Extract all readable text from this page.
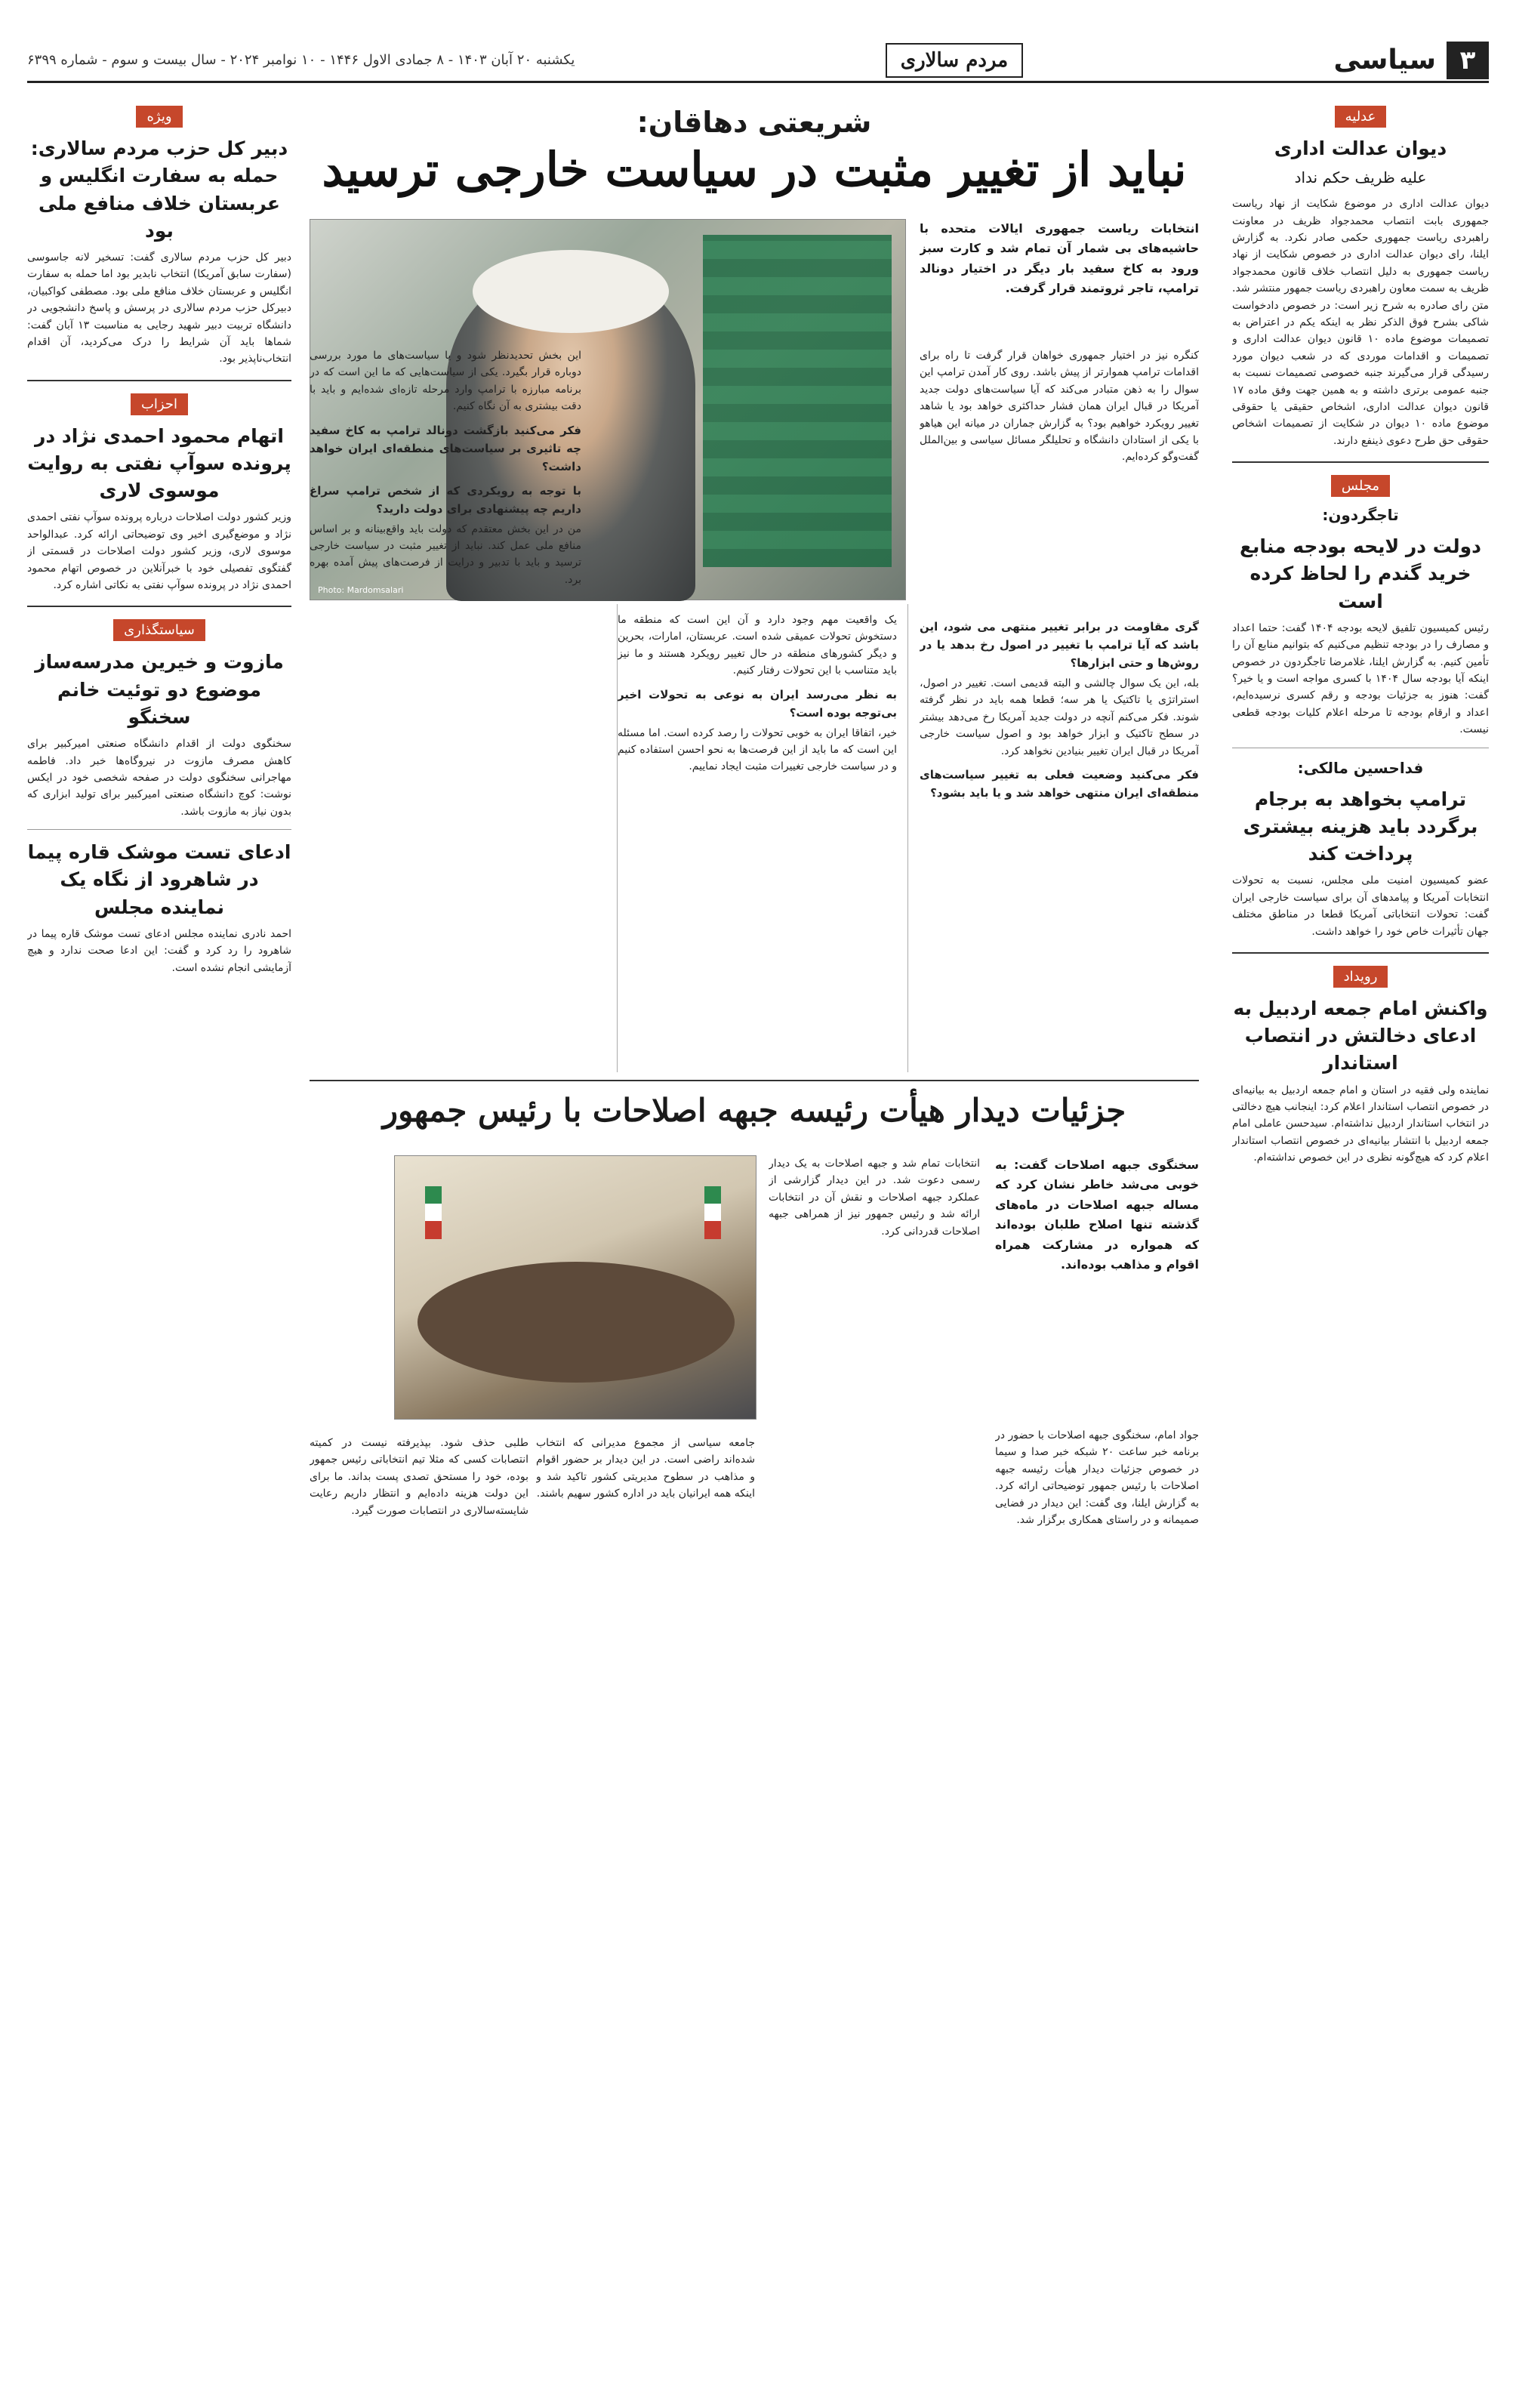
۳
سیاسی
مردم سالاری
یکشنبه ۲۰ آبان ۱۴۰۳ - ۸ جمادی الاول ۱۴۴۶ - ۱۰ نوامبر ۲۰۲۴ - سال بیست و سوم - شماره ۶۳۹۹
عدلیه
دیوان عدالت اداری
علیه ظریف حکم نداد
دیوان عدالت اداری در موضوع شکایت از نهاد ریاست جمهوری بابت انتصاب محمدجواد ظریف در معاونت راهبردی ریاست جمهوری حکمی صادر نکرد. به گزارش ایلنا، رای دیوان عدالت اداری در خصوص شکایت از نهاد ریاست جمهوری به دلیل انتصاب خلاف قانون محمدجواد ظریف به سمت معاون راهبردی ریاست جمهور منتشر شد. متن رای صادره به شرح زیر است: در خصوص دادخواست شاکی بشرح فوق الذکر نظر به اینکه یکم در اعتراض به تصمیمات موضوع ماده ۱۰ قانون دیوان عدالت اداری و تصمیمات و اقدامات موردی که در شعب دیوان مورد رسیدگی قرار می‌گیرند جنبه خصوصی تصمیمات نسبت به جنبه عمومی برتری داشته و به همین جهت وفق ماده ۱۷ قانون دیوان عدالت اداری، اشخاص حقیقی یا حقوقی موضوع ماده ۱۰ دیوان در شکایت از تصمیمات اشخاص حقوقی حق طرح دعوی ذینفع دارند.
مجلس
تاجگردون:
دولت در لایحه بودجه منابع خرید گندم را لحاظ کرده است
رئیس کمیسیون تلفیق لایحه بودجه ۱۴۰۴ گفت: حتما اعداد و مصارف را در بودجه تنظیم می‌کنیم که بتوانیم منابع آن را تأمین کنیم. به گزارش ایلنا، غلامرضا تاجگردون در خصوص اینکه آیا بودجه سال ۱۴۰۴ با کسری مواجه است و یا خیر؟ گفت: هنوز به جزئیات بودجه و رقم کسری نرسیده‌ایم، اعداد و ارقام بودجه تا مرحله اعلام کلیات بودجه قطعی نیست.
فداحسین مالکی:
ترامپ بخواهد به برجام برگردد باید هزینه بیشتری پرداخت کند
عضو کمیسیون امنیت ملی مجلس، نسبت به تحولات انتخابات آمریکا و پیامدهای آن برای سیاست خارجی ایران گفت: تحولات انتخاباتی آمریکا قطعا در مناطق مختلف جهان تأثیرات خاص خود را خواهد داشت.
رویداد
واکنش امام جمعه اردبیل به ادعای دخالتش در انتصاب استاندار
نماینده ولی فقیه در استان و امام جمعه اردبیل به بیانیه‌ای در خصوص انتصاب استاندار اعلام کرد: اینجانب هیچ دخالتی در انتخاب استاندار اردبیل نداشته‌ام. سیدحسن عاملی امام جمعه اردبیل با انتشار بیانیه‌ای در خصوص انتصاب استاندار اعلام کرد که هیچ‌گونه نظری در این خصوص نداشته‌ام.
ویژه
دبیر کل حزب مردم سالاری: حمله به سفارت انگلیس و عربستان خلاف منافع ملی بود
دبیر کل حزب مردم سالاری گفت: تسخیر لانه جاسوسی (سفارت سابق آمریکا) انتخاب نابدیر بود اما حمله به سفارت انگلیس و عربستان خلاف منافع ملی بود. مصطفی کواکبیان، دبیرکل حزب مردم سالاری در پرسش و پاسخ دانشجویی در دانشگاه تربیت دبیر شهید رجایی به مناسبت ۱۳ آبان گفت: شماها باید آن شرایط را درک می‌کردید، آن اقدام انتخاب‌ناپذیر بود.
احزاب
اتهام محمود احمدی نژاد در پرونده سوآپ نفتی به روایت موسوی لاری
وزیر کشور دولت اصلاحات درباره پرونده سوآپ نفتی احمدی نژاد و موضع‌گیری اخیر وی توضیحاتی ارائه کرد. عبدالواحد موسوی لاری، وزیر کشور دولت اصلاحات در قسمتی از گفتگوی تفصیلی خود با خبرآنلاین در خصوص اتهام محمود احمدی نژاد در پرونده سوآپ نفتی به نکاتی اشاره کرد.
سیاستگذاری
مازوت و خیرین مدرسه‌ساز موضوع دو توئیت خانم سخنگو
سخنگوی دولت از اقدام دانشگاه صنعتی امیرکبیر برای کاهش مصرف مازوت در نیروگاه‌ها خبر داد. فاطمه مهاجرانی سخنگوی دولت در صفحه شخصی خود در ایکس نوشت: کوچ دانشگاه صنعتی امیرکبیر برای تولید ابزاری که بدون نیاز به مازوت باشد.
ادعای تست موشک قاره پیما در شاهرود از نگاه یک نماینده مجلس
احمد نادری نماینده مجلس ادعای تست موشک قاره پیما در شاهرود را رد کرد و گفت: این ادعا صحت ندارد و هیچ آزمایشی انجام نشده است.
شریعتی دهاقان:
نباید از تغییر مثبت در سیاست خارجی ترسید
Photo: Mardomsalari
انتخابات ریاست جمهوری ایالات متحده با حاشیه‌های بی شمار آن تمام شد و کارت سبز ورود به کاخ سفید بار دیگر در اختیار دونالد ترامپ، تاجر ثروتمند قرار گرفت.
کنگره نیز در اختیار جمهوری خواهان قرار گرفت تا راه برای اقدامات ترامپ هموارتر از پیش باشد. روی کار آمدن ترامپ این سوال را به ذهن متبادر می‌کند که آیا سیاست‌های دولت جدید آمریکا در قبال ایران همان فشار حداکثری خواهد بود یا شاهد تغییر رویکرد خواهیم بود؟ به گزارش جماران در میانه این هیاهو با یکی از استادان دانشگاه و تحلیلگر مسائل سیاسی و بین‌الملل گفت‌وگو کرده‌ایم.
گری مقاومت در برابر تغییر منتهی می شود، این باشد که آیا ترامپ با تغییر در اصول رخ بدهد یا در روش‌ها و حتی ابزارها؟
بله، این یک سوال چالشی و البته قدیمی است. تغییر در اصول، استراتژی یا تاکتیک یا هر سه؛ قطعا همه باید در نظر گرفته شوند. فکر می‌کنم آنچه در دولت جدید آمریکا رخ می‌دهد بیشتر در سطح تاکتیک و ابزار خواهد بود و اصول سیاست خارجی آمریکا در قبال ایران تغییر بنیادین نخواهد کرد.
فکر می‌کنید وضعیت فعلی به تغییر سیاست‌های منطقه‌ای ایران منتهی خواهد شد و یا باید بشود؟
یک واقعیت مهم وجود دارد و آن این است که منطقه ما دستخوش تحولات عمیقی شده است. عربستان، امارات، بحرین و دیگر کشورهای منطقه در حال تغییر رویکرد هستند و ما نیز باید متناسب با این تحولات رفتار کنیم.
به نظر می‌رسد ایران به نوعی به تحولات اخیر بی‌توجه بوده است؟
خیر، اتفاقا ایران به خوبی تحولات را رصد کرده است. اما مسئله این است که ما باید از این فرصت‌ها به نحو احسن استفاده کنیم و در سیاست خارجی تغییرات مثبت ایجاد نماییم.
این بخش تحدیدنظر شود و یا سیاست‌های ما مورد بررسی دوباره قرار بگیرد. یکی از سیاست‌هایی که ما این است که در برنامه مبارزه با ترامپ وارد مرحله تازه‌ای شده‌ایم و باید با دقت بیشتری به آن نگاه کنیم.
فکر می‌کنید بازگشت دونالد ترامپ به کاخ سفید چه تاثیری بر سیاست‌های منطقه‌ای ایران خواهد داشت؟
با توجه به رویکردی که از شخص ترامپ سراغ داریم چه پیشنهادی برای دولت دارید؟
من در این بخش معتقدم که دولت باید واقع‌بینانه و بر اساس منافع ملی عمل کند. نباید از تغییر مثبت در سیاست خارجی ترسید و باید با تدبیر و درایت از فرصت‌های پیش آمده بهره برد.
جزئیات دیدار هیأت رئیسه جبهه اصلاحات با رئیس جمهور
سخنگوی جبهه اصلاحات گفت: به خوبی می‌شد خاطر نشان کرد که مساله جبهه اصلاحات در ماه‌های گذشته تنها اصلاح طلبان بوده‌اند که همواره در مشارکت همراه اقوام و مذاهب بوده‌اند.
جواد امام، سخنگوی جبهه اصلاحات با حضور در برنامه خبر ساعت ۲۰ شبکه خبر صدا و سیما در خصوص جزئیات دیدار هیأت رئیسه جبهه اصلاحات با رئیس جمهور توضیحاتی ارائه کرد. به گزارش ایلنا، وی گفت: این دیدار در فضایی صمیمانه و در راستای همکاری برگزار شد.
انتخابات تمام شد و جبهه اصلاحات به یک دیدار رسمی دعوت شد. در این دیدار گزارشی از عملکرد جبهه اصلاحات و نقش آن در انتخابات ارائه شد و رئیس جمهور نیز از همراهی جبهه اصلاحات قدردانی کرد.
جامعه سیاسی از مجموع مدیرانی که انتخاب شده‌اند راضی است. در این دیدار بر حضور اقوام و مذاهب در سطوح مدیریتی کشور تاکید شد و اینکه همه ایرانیان باید در اداره کشور سهیم باشند.
طلبی حذف شود. بپذیرفته نیست در کمیته انتصابات کسی که مثلا تیم انتخاباتی رئیس جمهور بوده، خود را مستحق تصدی پست بداند. ما برای این دولت هزینه داده‌ایم و انتظار داریم رعایت شایسته‌سالاری در انتصابات صورت گیرد.
